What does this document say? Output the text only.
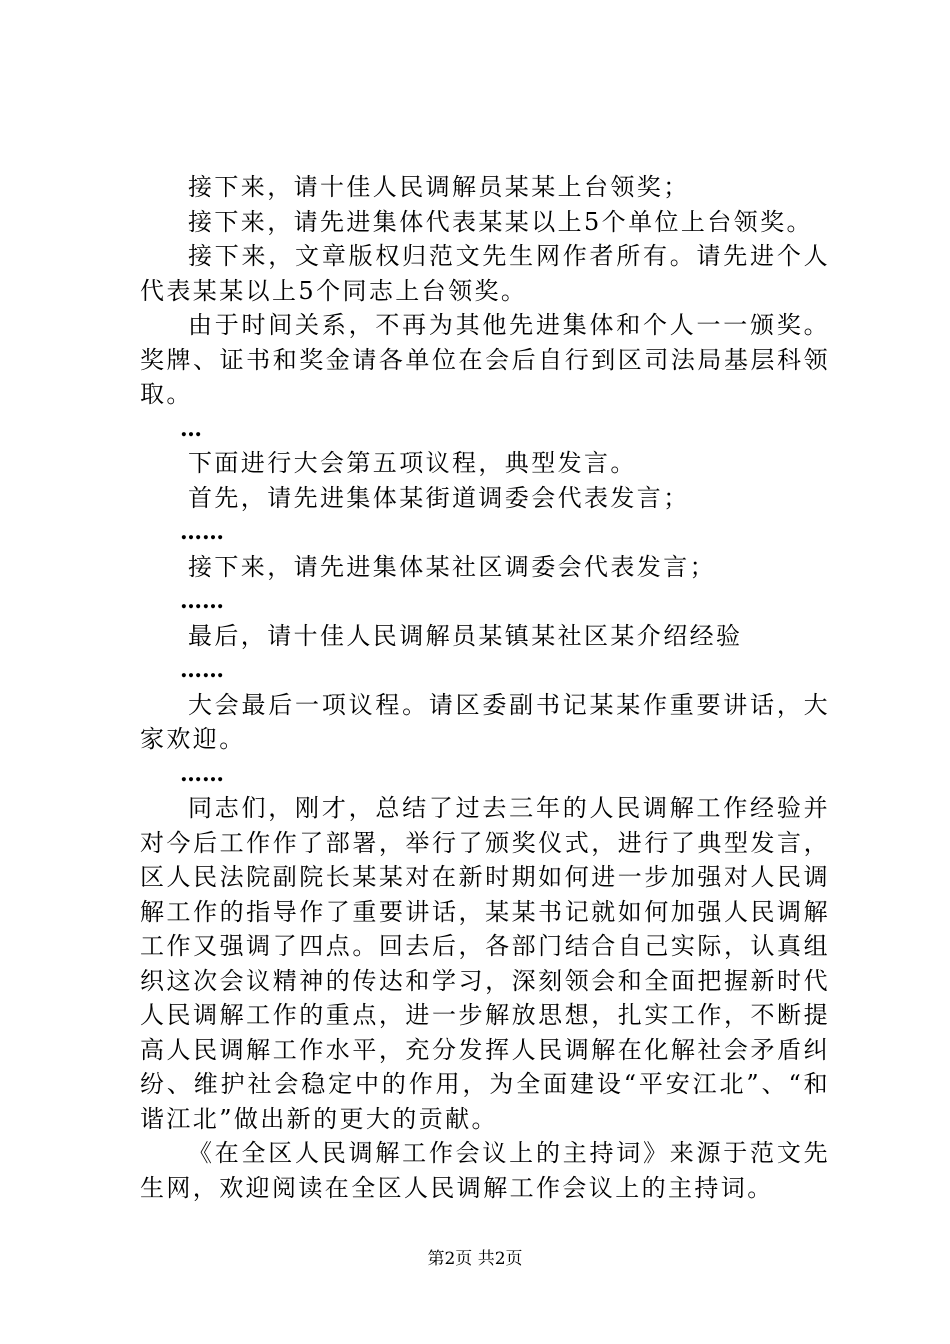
接下来，请十佳人民调解员某某上台领奖；

接下来，请先进集体代表某某以上5个单位上台领奖。

接下来，文章版权归范文先生网作者所有。请先进个人代表某某以上5个同志上台领奖。

由于时间关系，不再为其他先进集体和个人一一颁奖。奖牌、证书和奖金请各单位在会后自行到区司法局基层科领取。

…

下面进行大会第五项议程，典型发言。

首先，请先进集体某街道调委会代表发言；

……

接下来，请先进集体某社区调委会代表发言；

……

最后，请十佳人民调解员某镇某社区某介绍经验

……

大会最后一项议程。请区委副书记某某作重要讲话，大家欢迎。

……

同志们，刚才，总结了过去三年的人民调解工作经验并对今后工作作了部署，举行了颁奖仪式，进行了典型发言，区人民法院副院长某某对在新时期如何进一步加强对人民调解工作的指导作了重要讲话，某某书记就如何加强人民调解工作又强调了四点。回去后，各部门结合自己实际，认真组织这次会议精神的传达和学习，深刻领会和全面把握新时代人民调解工作的重点，进一步解放思想，扎实工作，不断提高人民调解工作水平，充分发挥人民调解在化解社会矛盾纠纷、维护社会稳定中的作用，为全面建设“平安江北”、“和谐江北”做出新的更大的贡献。

《在全区人民调解工作会议上的主持词》来源于范文先生网，欢迎阅读在全区人民调解工作会议上的主持词。

第2页 共2页
